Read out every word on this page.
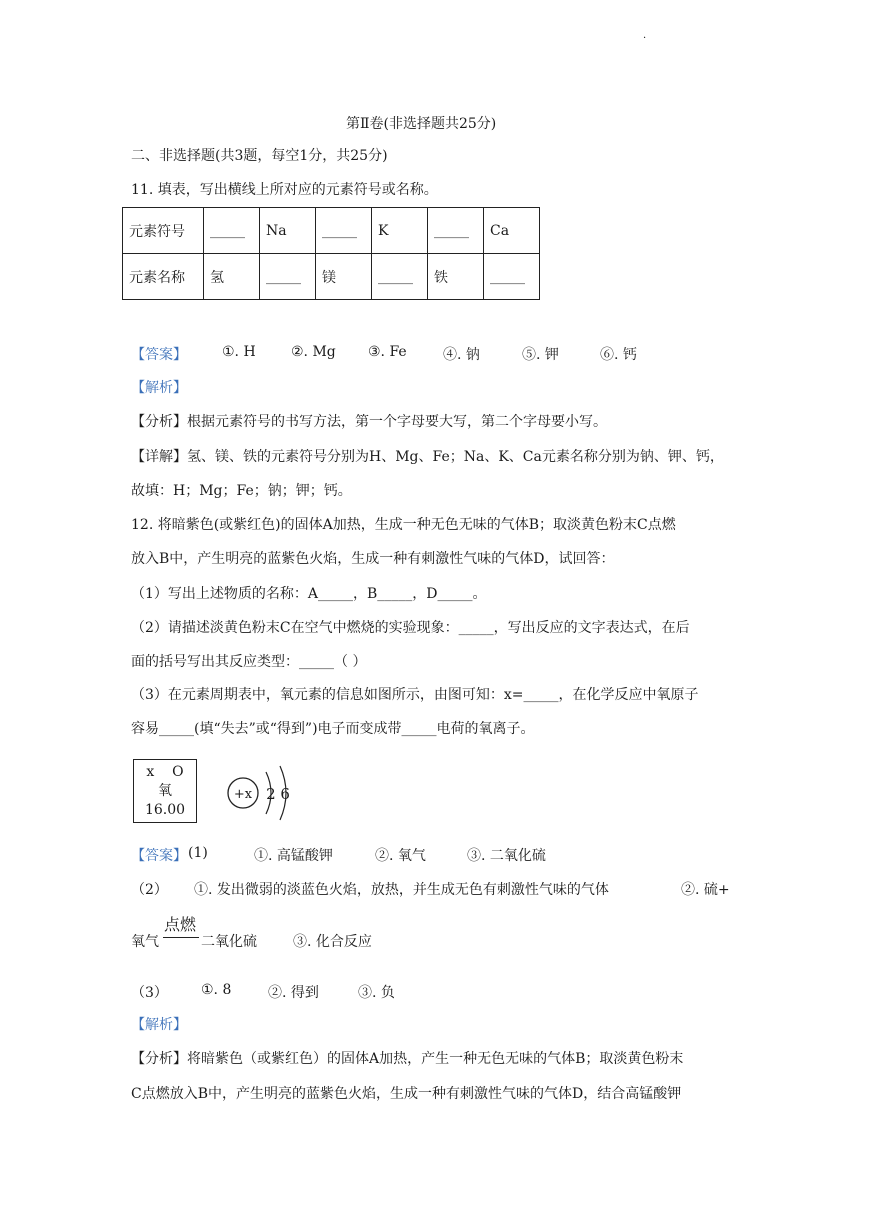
·
第Ⅱ卷(非选择题共25分)
二、非选择题(共3题，每空1分，共25分)
11. 填表，写出横线上所对应的元素符号或名称。
元素符号	_____	Na	_____	K	_____	Ca
元素名称	氢	_____	镁	_____	铁	_____
【答案】	①. H	②. Mg ③. Fe	④. 钠	⑤. 钾	⑥. 钙
【解析】
【分析】根据元素符号的书写方法，第一个字母要大写，第二个字母要小写。
【详解】氢、镁、铁的元素符号分别为H、Mg、Fe；Na、K、Ca元素名称分别为钠、钾、钙，
故填：H；Mg；Fe；钠；钾；钙。
12. 将暗紫色(或紫红色)的固体A加热，生成一种无色无味的气体B；取淡黄色粉末C点燃
放入B中，产生明亮的蓝紫色火焰，生成一种有刺激性气味的气体D，试回答：
（1）写出上述物质的名称：A_____，B_____，D_____。
（2）请描述淡黄色粉末C在空气中燃烧的实验现象：_____，写出反应的文字表达式，在后
面的括号写出其反应类型：_____（ ）
（3）在元素周期表中，氧元素的信息如图所示，由图可知：x=_____，在化学反应中氧原子
容易_____(填“失去”或“得到”)电子而变成带_____电荷的氧离子。
x    O
氧
16.00
+x 2 6
【答案】 (1)	①. 高锰酸钾	②. 氧气	③. 二氧化硫
（2） ①. 发出微弱的淡蓝色火焰，放热，并生成无色有刺激性气味的气体	②. 硫+
氧气
点燃
二氧化硫	③. 化合反应
（3） ①. 8	②. 得到	③. 负
【解析】
【分析】将暗紫色（或紫红色）的固体A加热，产生一种无色无味的气体B；取淡黄色粉末
C点燃放入B中，产生明亮的蓝紫色火焰，生成一种有刺激性气味的气体D，结合高锰酸钾
